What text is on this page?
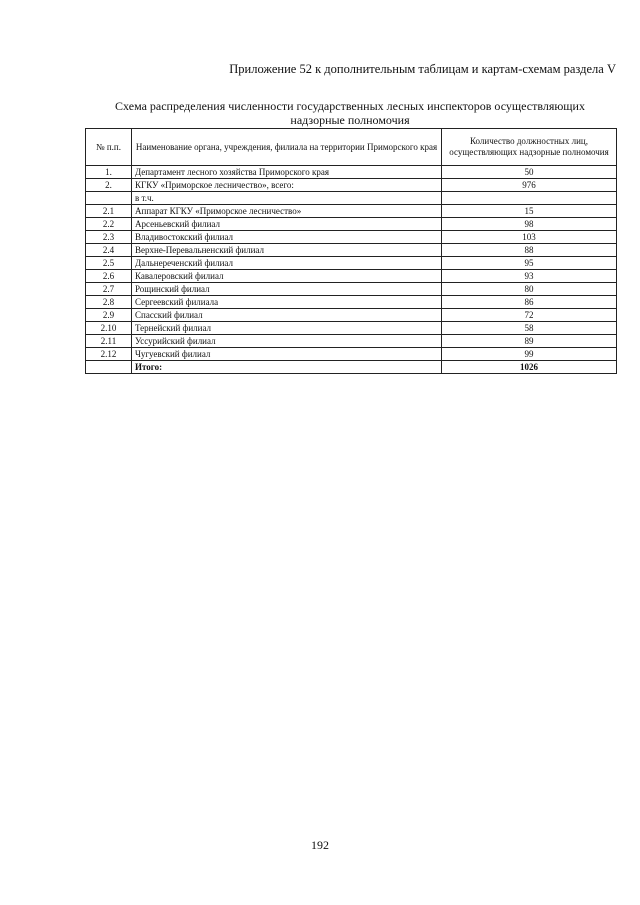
Приложение 52 к дополнительным таблицам и картам-схемам раздела V
Схема распределения численности государственных лесных инспекторов осуществляющих
надзорные полномочия
№ п.п.	Наименование органа, учреждения, филиала на территории Приморского края	Количество должностных лиц, осуществляющих надзорные полномочия
1.	Департамент лесного хозяйства Приморского края	50
2.	КГКУ «Приморское лесничество», всего:	976
	в т.ч.	
2.1	Аппарат КГКУ «Приморское лесничество»	15
2.2	Арсеньевский филиал	98
2.3	Владивостокский филиал	103
2.4	Верхне-Перевальненский филиал	88
2.5	Дальнереченский филиал	95
2.6	Кавалеровский филиал	93
2.7	Рощинский филиал	80
2.8	Сергеевский филиала	86
2.9	Спасский филиал	72
2.10	Тернейский филиал	58
2.11	Уссурийский филиал	89
2.12	Чугуевский филиал	99
	Итого:	1026
192
